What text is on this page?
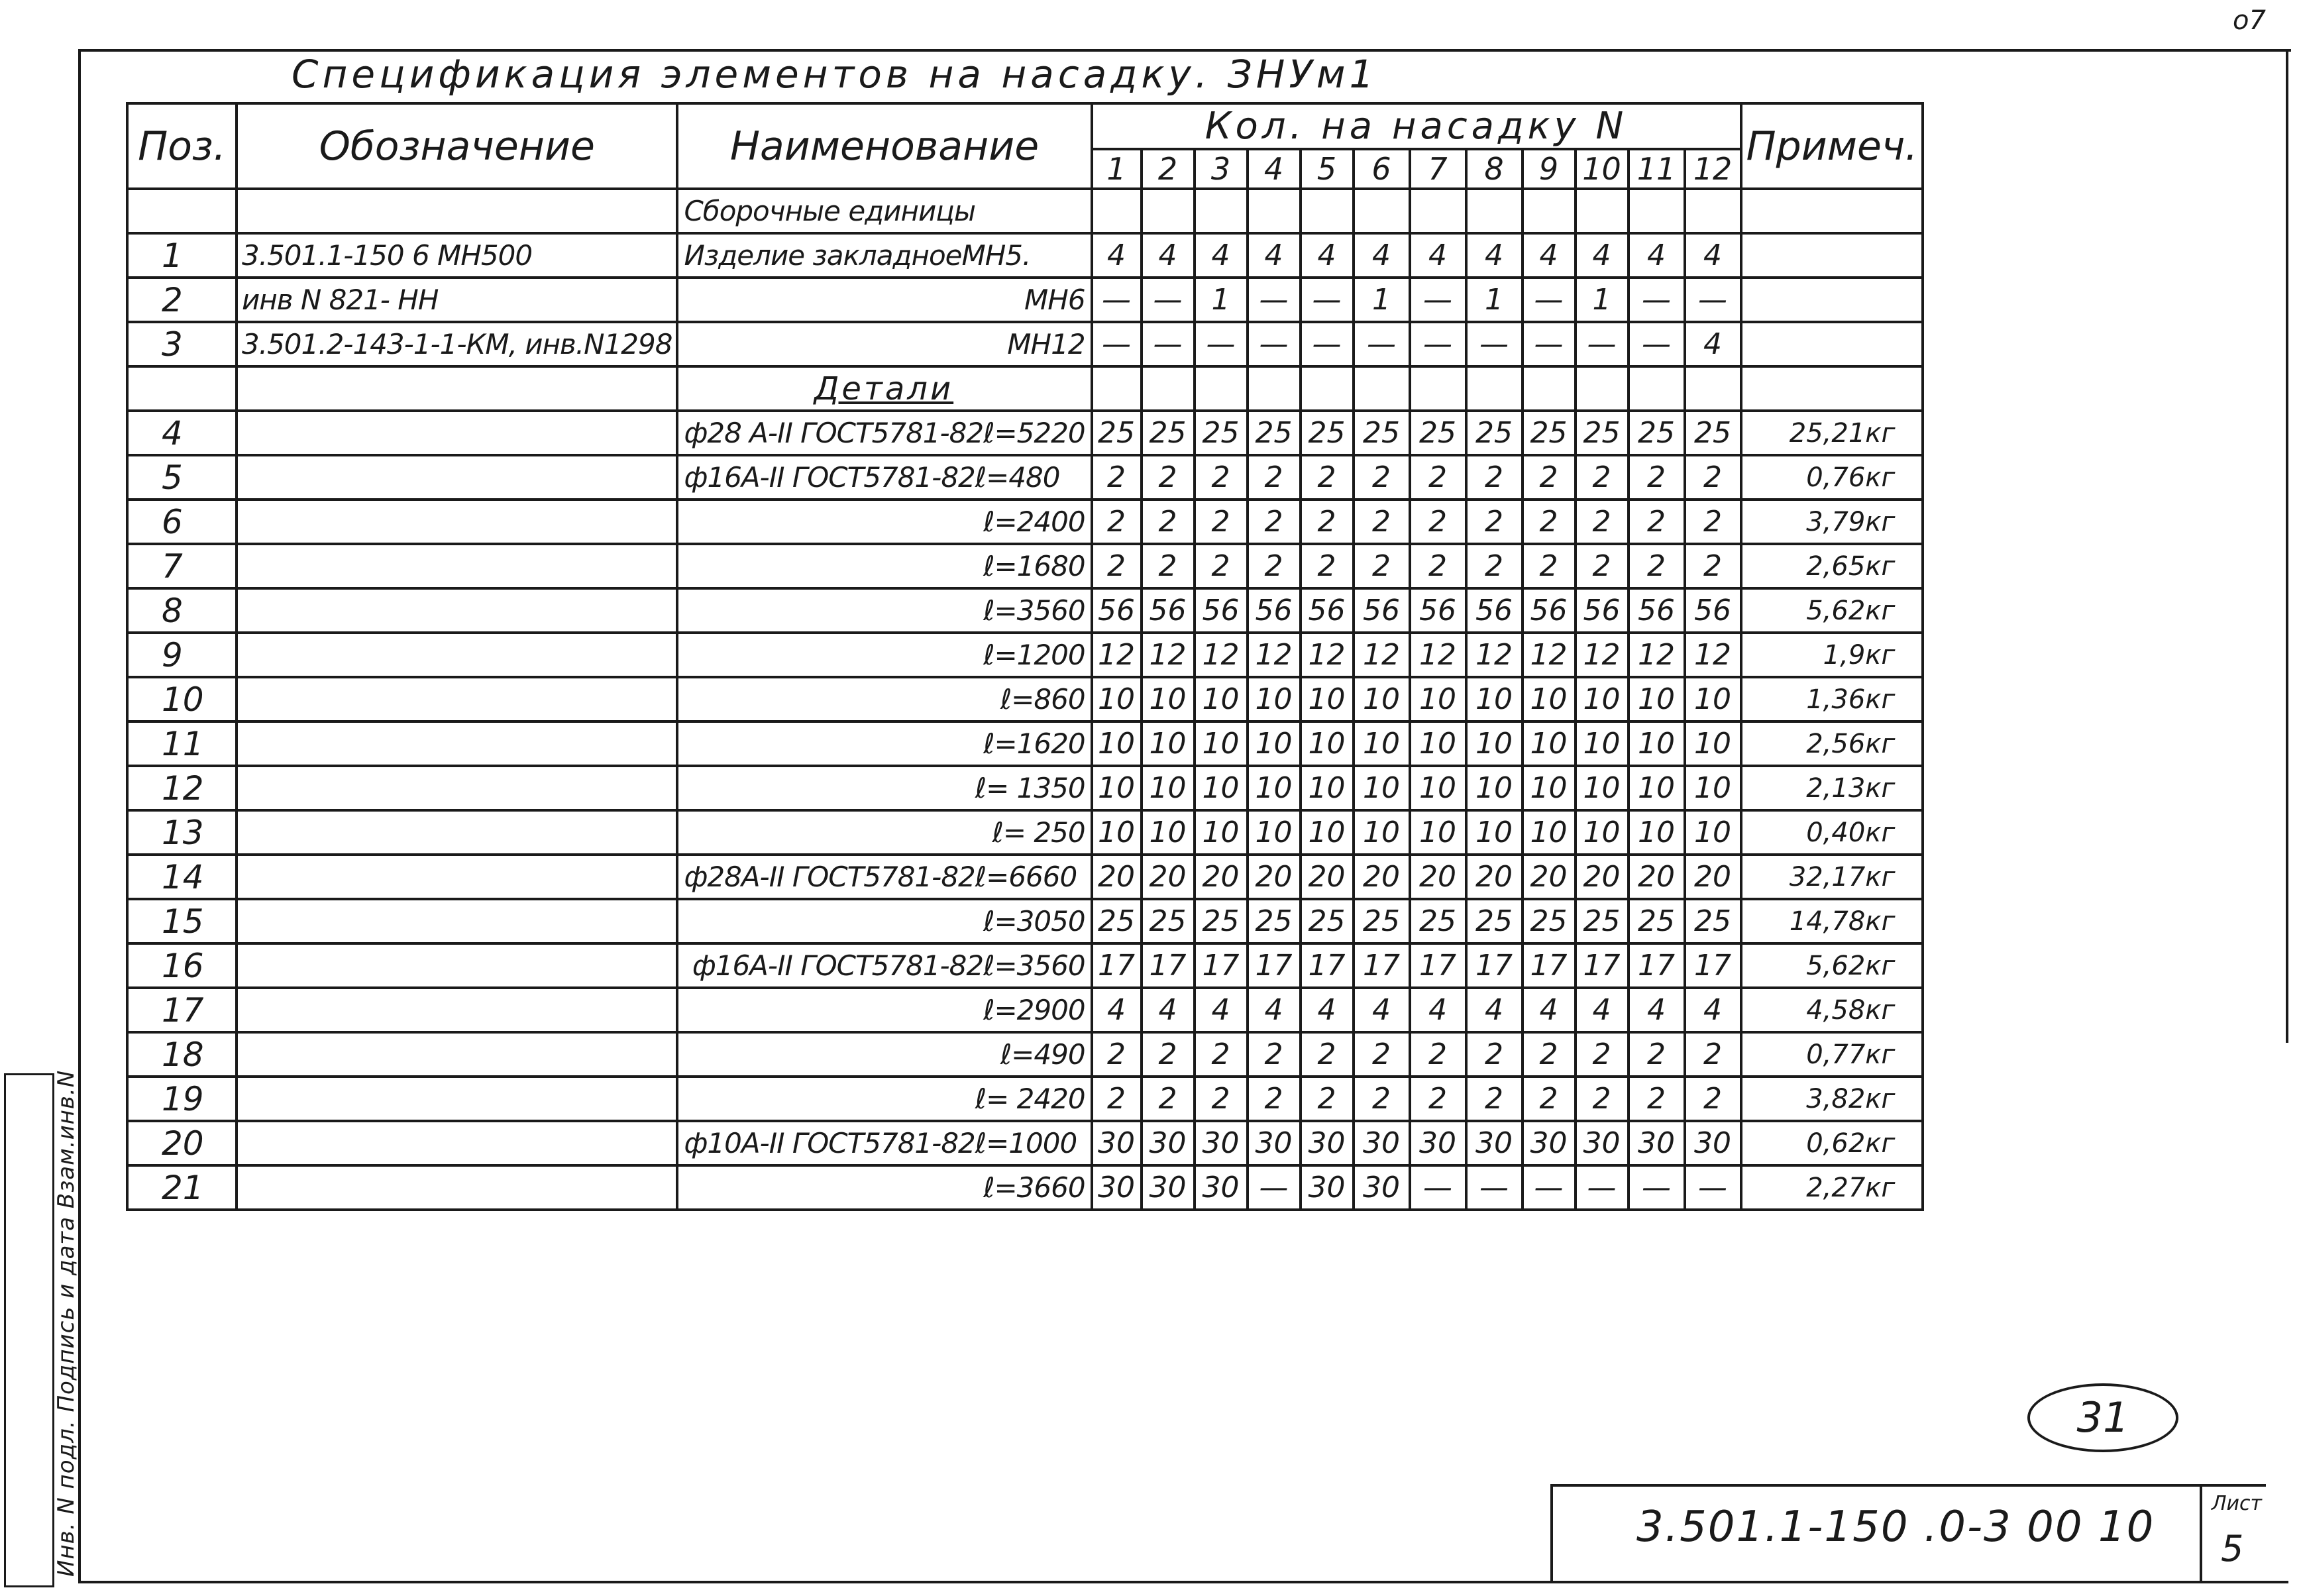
о7
Спецификация элементов на насадку. ЗНУм1
Поз.	Обозначение	Наименование	Кол. на насадку N												Примеч.
			1	2	3	4	5	6	7	8	9	10	11	12	
		Сборочные единицы													
1	3.501.1-150 6 МН500	Изделие закладноеМН5.	4	4	4	4	4	4	4	4	4	4	4	4	
2	инв N 821- НН	МН6	—	—	1	—	—	1	—	1	—	1	—	—	
3	3.501.2-143-1-1-КМ, инв.N1298	МН12	—	—	—	—	—	—	—	—	—	—	—	4	
		Детали													
4		ф28 А-II ГОСТ5781-82ℓ=5220	25	25	25	25	25	25	25	25	25	25	25	25	25,21кг
5		ф16А-II ГОСТ5781-82ℓ=480	2	2	2	2	2	2	2	2	2	2	2	2	0,76кг
6		ℓ=2400	2	2	2	2	2	2	2	2	2	2	2	2	3,79кг
7		ℓ=1680	2	2	2	2	2	2	2	2	2	2	2	2	2,65кг
8		ℓ=3560	56	56	56	56	56	56	56	56	56	56	56	56	5,62кг
9		ℓ=1200	12	12	12	12	12	12	12	12	12	12	12	12	1,9кг
10		ℓ=860	10	10	10	10	10	10	10	10	10	10	10	10	1,36кг
11		ℓ=1620	10	10	10	10	10	10	10	10	10	10	10	10	2,56кг
12		ℓ= 1350	10	10	10	10	10	10	10	10	10	10	10	10	2,13кг
13		ℓ= 250	10	10	10	10	10	10	10	10	10	10	10	10	0,40кг
14		ф28А-II ГОСТ5781-82ℓ=6660	20	20	20	20	20	20	20	20	20	20	20	20	32,17кг
15		ℓ=3050	25	25	25	25	25	25	25	25	25	25	25	25	14,78кг
16		ф16А-II ГОСТ5781-82ℓ=3560	17	17	17	17	17	17	17	17	17	17	17	17	5,62кг
17		ℓ=2900	4	4	4	4	4	4	4	4	4	4	4	4	4,58кг
18		ℓ=490	2	2	2	2	2	2	2	2	2	2	2	2	0,77кг
19		ℓ= 2420	2	2	2	2	2	2	2	2	2	2	2	2	3,82кг
20		ф10А-II ГОСТ5781-82ℓ=1000	30	30	30	30	30	30	30	30	30	30	30	30	0,62кг
21		ℓ=3660	30	30	30	—	30	30	—	—	—	—	—	—	2,27кг
Инв. N подл. Подпись и дата Взам.инв.N	31
3.501.1-150 .0-3 00 10	Лист
5
